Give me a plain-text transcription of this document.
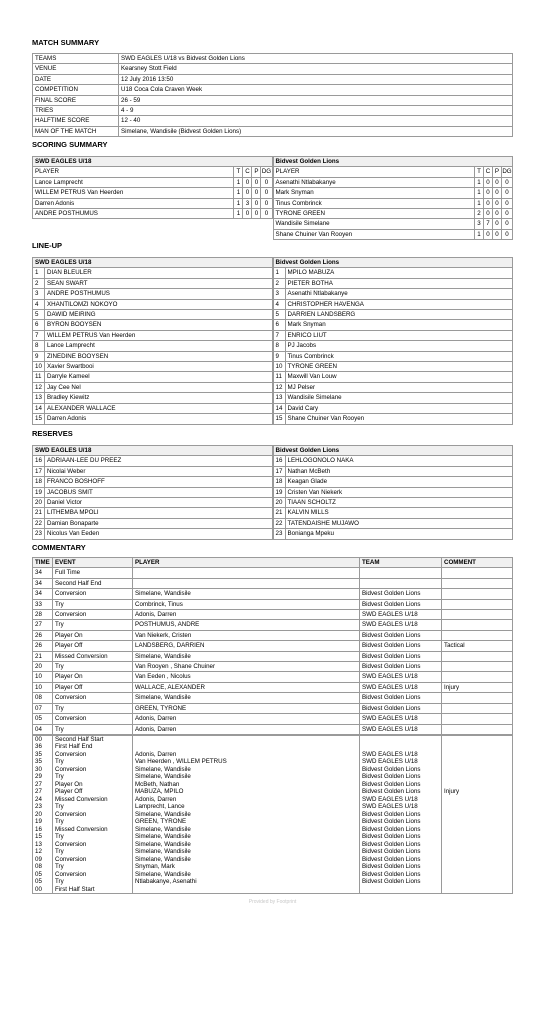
MATCH SUMMARY
TEAMS	SWD EAGLES U/18 vs Bidvest Golden Lions
VENUE	Kearsney Stott Field
DATE	12 July 2016 13:50
COMPETITION	U18 Coca Cola Craven Week
FINAL SCORE	26 - 59
TRIES	4 - 9
HALFTIME SCORE	12 - 40
MAN OF THE MATCH	Simelane, Wandisile (Bidvest Golden Lions)
SCORING SUMMARY
SWD EAGLES U/18				
PLAYER	T	C	P	DG
Lance Lamprecht	1	0	0	0
WILLEM PETRUS Van Heerden	1	0	0	0
Darren Adonis	1	3	0	0
ANDRE POSTHUMUS	1	0	0	0
Bidvest Golden Lions				
PLAYER	T	C	P	DG
Asenathi Ntlabakanye	1	0	0	0
Mark Snyman	1	0	0	0
Tinus Combrinck	1	0	0	0
TYRONE GREEN	2	0	0	0
Wandisile Simelane	3	7	0	0
Shane Chuiner Van Rooyen	1	0	0	0
LINE-UP
SWD EAGLES U/18	
1	DIAN BLEULER
2	SEAN SWART
3	ANDRE POSTHUMUS
4	XHANTILOMZI NOKOYO
5	DAWID MEIRING
6	BYRON BOOYSEN
7	WILLEM PETRUS Van Heerden
8	Lance Lamprecht
9	ZINEDINE BOOYSEN
10	Xavier Swartbooi
11	Darryle Kameel
12	Jay Cee Nel
13	Bradley Kiewitz
14	ALEXANDER WALLACE
15	Darren Adonis
Bidvest Golden Lions	
1	MPILO MABUZA
2	PIETER BOTHA
3	Asenathi Ntlabakanye
4	CHRISTOPHER HAVENGA
5	DARRIEN LANDSBERG
6	Mark Snyman
7	ENRICO LIUT
8	PJ Jacobs
9	Tinus Combrinck
10	TYRONE GREEN
11	Maxwill Van Louw
12	MJ Pelser
13	Wandisile Simelane
14	David Cary
15	Shane Chuiner Van Rooyen
RESERVES
SWD EAGLES U/18	
16	ADRIAAN-LEE DU PREEZ
17	Nicolai Weber
18	FRANCO BOSHOFF
19	JACOBUS SMIT
20	Daniel Victor
21	LITHEMBA MPOLI
22	Damian Bonaparte
23	Nicolus Van Eeden
Bidvest Golden Lions	
16	LEHLOGONOLO NAKA
17	Nathan McBeth
18	Keagan Glade
19	Cristen Van Niekerk
20	TIAAN SCHOLTZ
21	KALVIN MILLS
22	TATENDAISHE MUJAWO
23	Bonianga Mpeku
COMMENTARY
TIME	EVENT	PLAYER	TEAM	COMMENT
34	Full Time			
34	Second Half End			
34	Conversion	Simelane, Wandisile	Bidvest Golden Lions	
33	Try	Combrinck, Tinus	Bidvest Golden Lions	
28	Conversion	Adonis, Darren	SWD EAGLES U/18	
27	Try	POSTHUMUS, ANDRE	SWD EAGLES U/18	
26	Player On	Van Niekerk, Cristen	Bidvest Golden Lions	
26	Player Off	LANDSBERG, DARRIEN	Bidvest Golden Lions	Tactical
21	Missed Conversion	Simelane, Wandisile	Bidvest Golden Lions	
20	Try	Van Rooyen , Shane Chuiner	Bidvest Golden Lions	
10	Player On	Van Eeden , Nicolus	SWD EAGLES U/18	
10	Player Off	WALLACE, ALEXANDER	SWD EAGLES U/18	Injury
08	Conversion	Simelane, Wandisile	Bidvest Golden Lions	
07	Try	GREEN, TYRONE	Bidvest Golden Lions	
05	Conversion	Adonis, Darren	SWD EAGLES U/18	
04	Try	Adonis, Darren	SWD EAGLES U/18	
00	Second Half Start			
36	First Half End			
35	Conversion	Adonis, Darren	SWD EAGLES U/18	
35	Try	Van Heerden , WILLEM PETRUS	SWD EAGLES U/18	
30	Conversion	Simelane, Wandisile	Bidvest Golden Lions	
29	Try	Simelane, Wandisile	Bidvest Golden Lions	
27	Player On	McBeth, Nathan	Bidvest Golden Lions	
27	Player Off	MABUZA, MPILO	Bidvest Golden Lions	Injury
24	Missed Conversion	Adonis, Darren	SWD EAGLES U/18	
23	Try	Lamprecht, Lance	SWD EAGLES U/18	
20	Conversion	Simelane, Wandisile	Bidvest Golden Lions	
19	Try	GREEN, TYRONE	Bidvest Golden Lions	
16	Missed Conversion	Simelane, Wandisile	Bidvest Golden Lions	
15	Try	Simelane, Wandisile	Bidvest Golden Lions	
13	Conversion	Simelane, Wandisile	Bidvest Golden Lions	
12	Try	Simelane, Wandisile	Bidvest Golden Lions	
09	Conversion	Simelane, Wandisile	Bidvest Golden Lions	
08	Try	Snyman, Mark	Bidvest Golden Lions	
05	Conversion	Simelane, Wandisile	Bidvest Golden Lions	
05	Try	Ntlabakanye, Asenathi	Bidvest Golden Lions	
00	First Half Start			
Provided by Footprint
